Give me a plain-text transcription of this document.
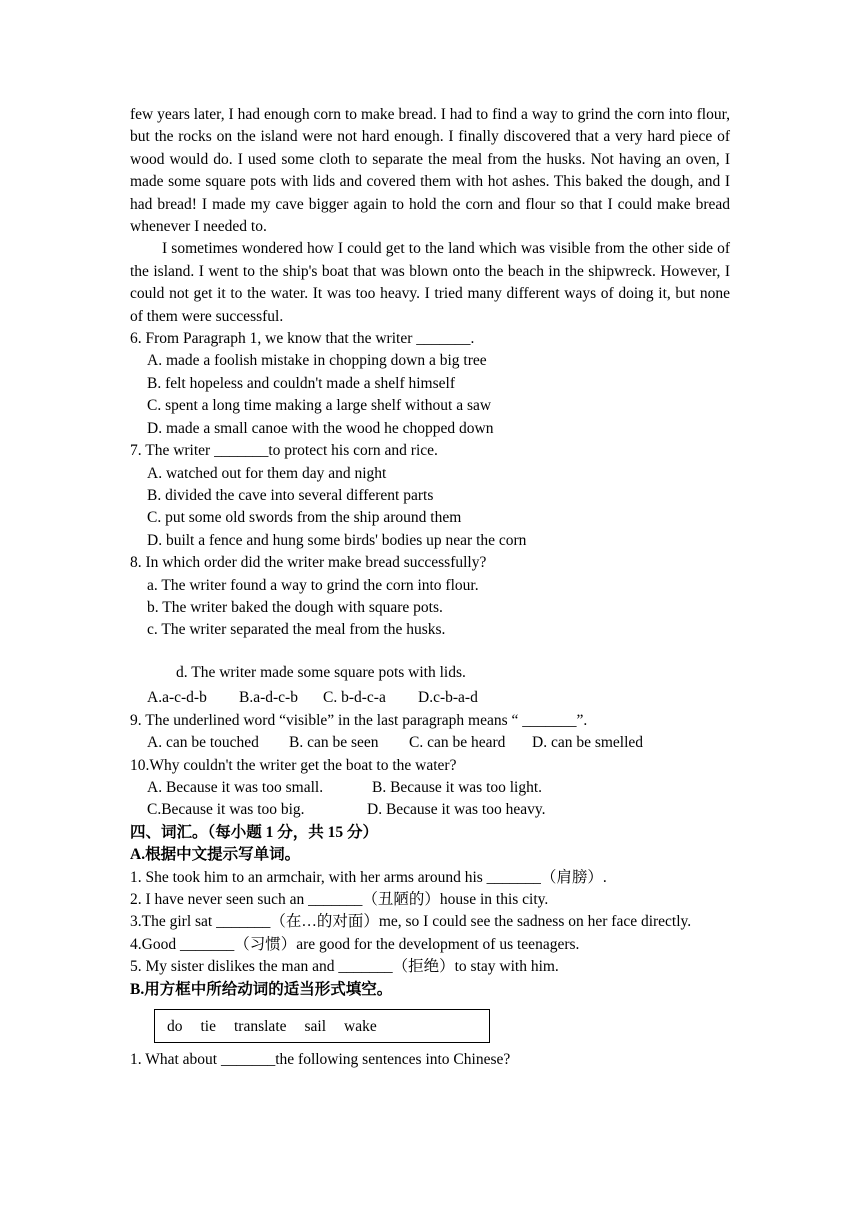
few years later, I had enough corn to make bread. I had to find a way to grind the corn into flour, but the rocks on the island were not hard enough. I finally discovered that a very hard piece of wood would do. I used some cloth to separate the meal from the husks. Not having an oven, I made some square pots with lids and covered them with hot ashes. This baked the dough, and I had bread! I made my cave bigger again to hold the corn and flour so that I could make bread whenever I needed to.

I sometimes wondered how I could get to the land which was visible from the other side of the island. I went to the ship's boat that was blown onto the beach in the shipwreck. However, I could not get it to the water. It was too heavy. I tried many different ways of doing it, but none of them were successful.

6. From Paragraph 1, we know that the writer _______.

A. made a foolish mistake in chopping down a big tree

B. felt hopeless and couldn't made a shelf himself

C. spent a long time making a large shelf without a saw

D. made a small canoe with the wood he chopped down

7. The writer _______to protect his corn and rice.

A. watched out for them day and night

B. divided the cave into several different parts

C. put some old swords from the ship around them

D. built a fence and hung some birds' bodies up near the corn

8. In which order did the writer make bread successfully?

a. The writer found a way to grind the corn into flour.

b. The writer baked the dough with square pots.

c. The writer separated the meal from the husks.

d. The writer made some square pots with lids.

A.a-c-d-b B.a-d-c-b C. b-d-c-a D.c-b-a-d

9. The underlined word “visible” in the last paragraph means “ _______”.

A. can be touched B. can be seen C. can be heard D. can be smelled

10.Why couldn't the writer get the boat to the water?

A. Because it was too small.	B. Because it was too light.

C.Because it was too big.	D. Because it was too heavy.

四、词汇。（每小题 1 分，共 15 分）

A.根据中文提示写单词。

1. She took him to an armchair, with her arms around his _______（肩膀）.

2. I have never seen such an _______（丑陋的）house in this city.

3.The girl sat _______（在…的对面）me, so I could see the sadness on her face directly.

4.Good _______（习惯）are good for the development of us teenagers.

5. My sister dislikes the man and _______（拒绝）to stay with him.

B.用方框中所给动词的适当形式填空。

do tie translate sail wake

1. What about _______the following sentences into Chinese?
